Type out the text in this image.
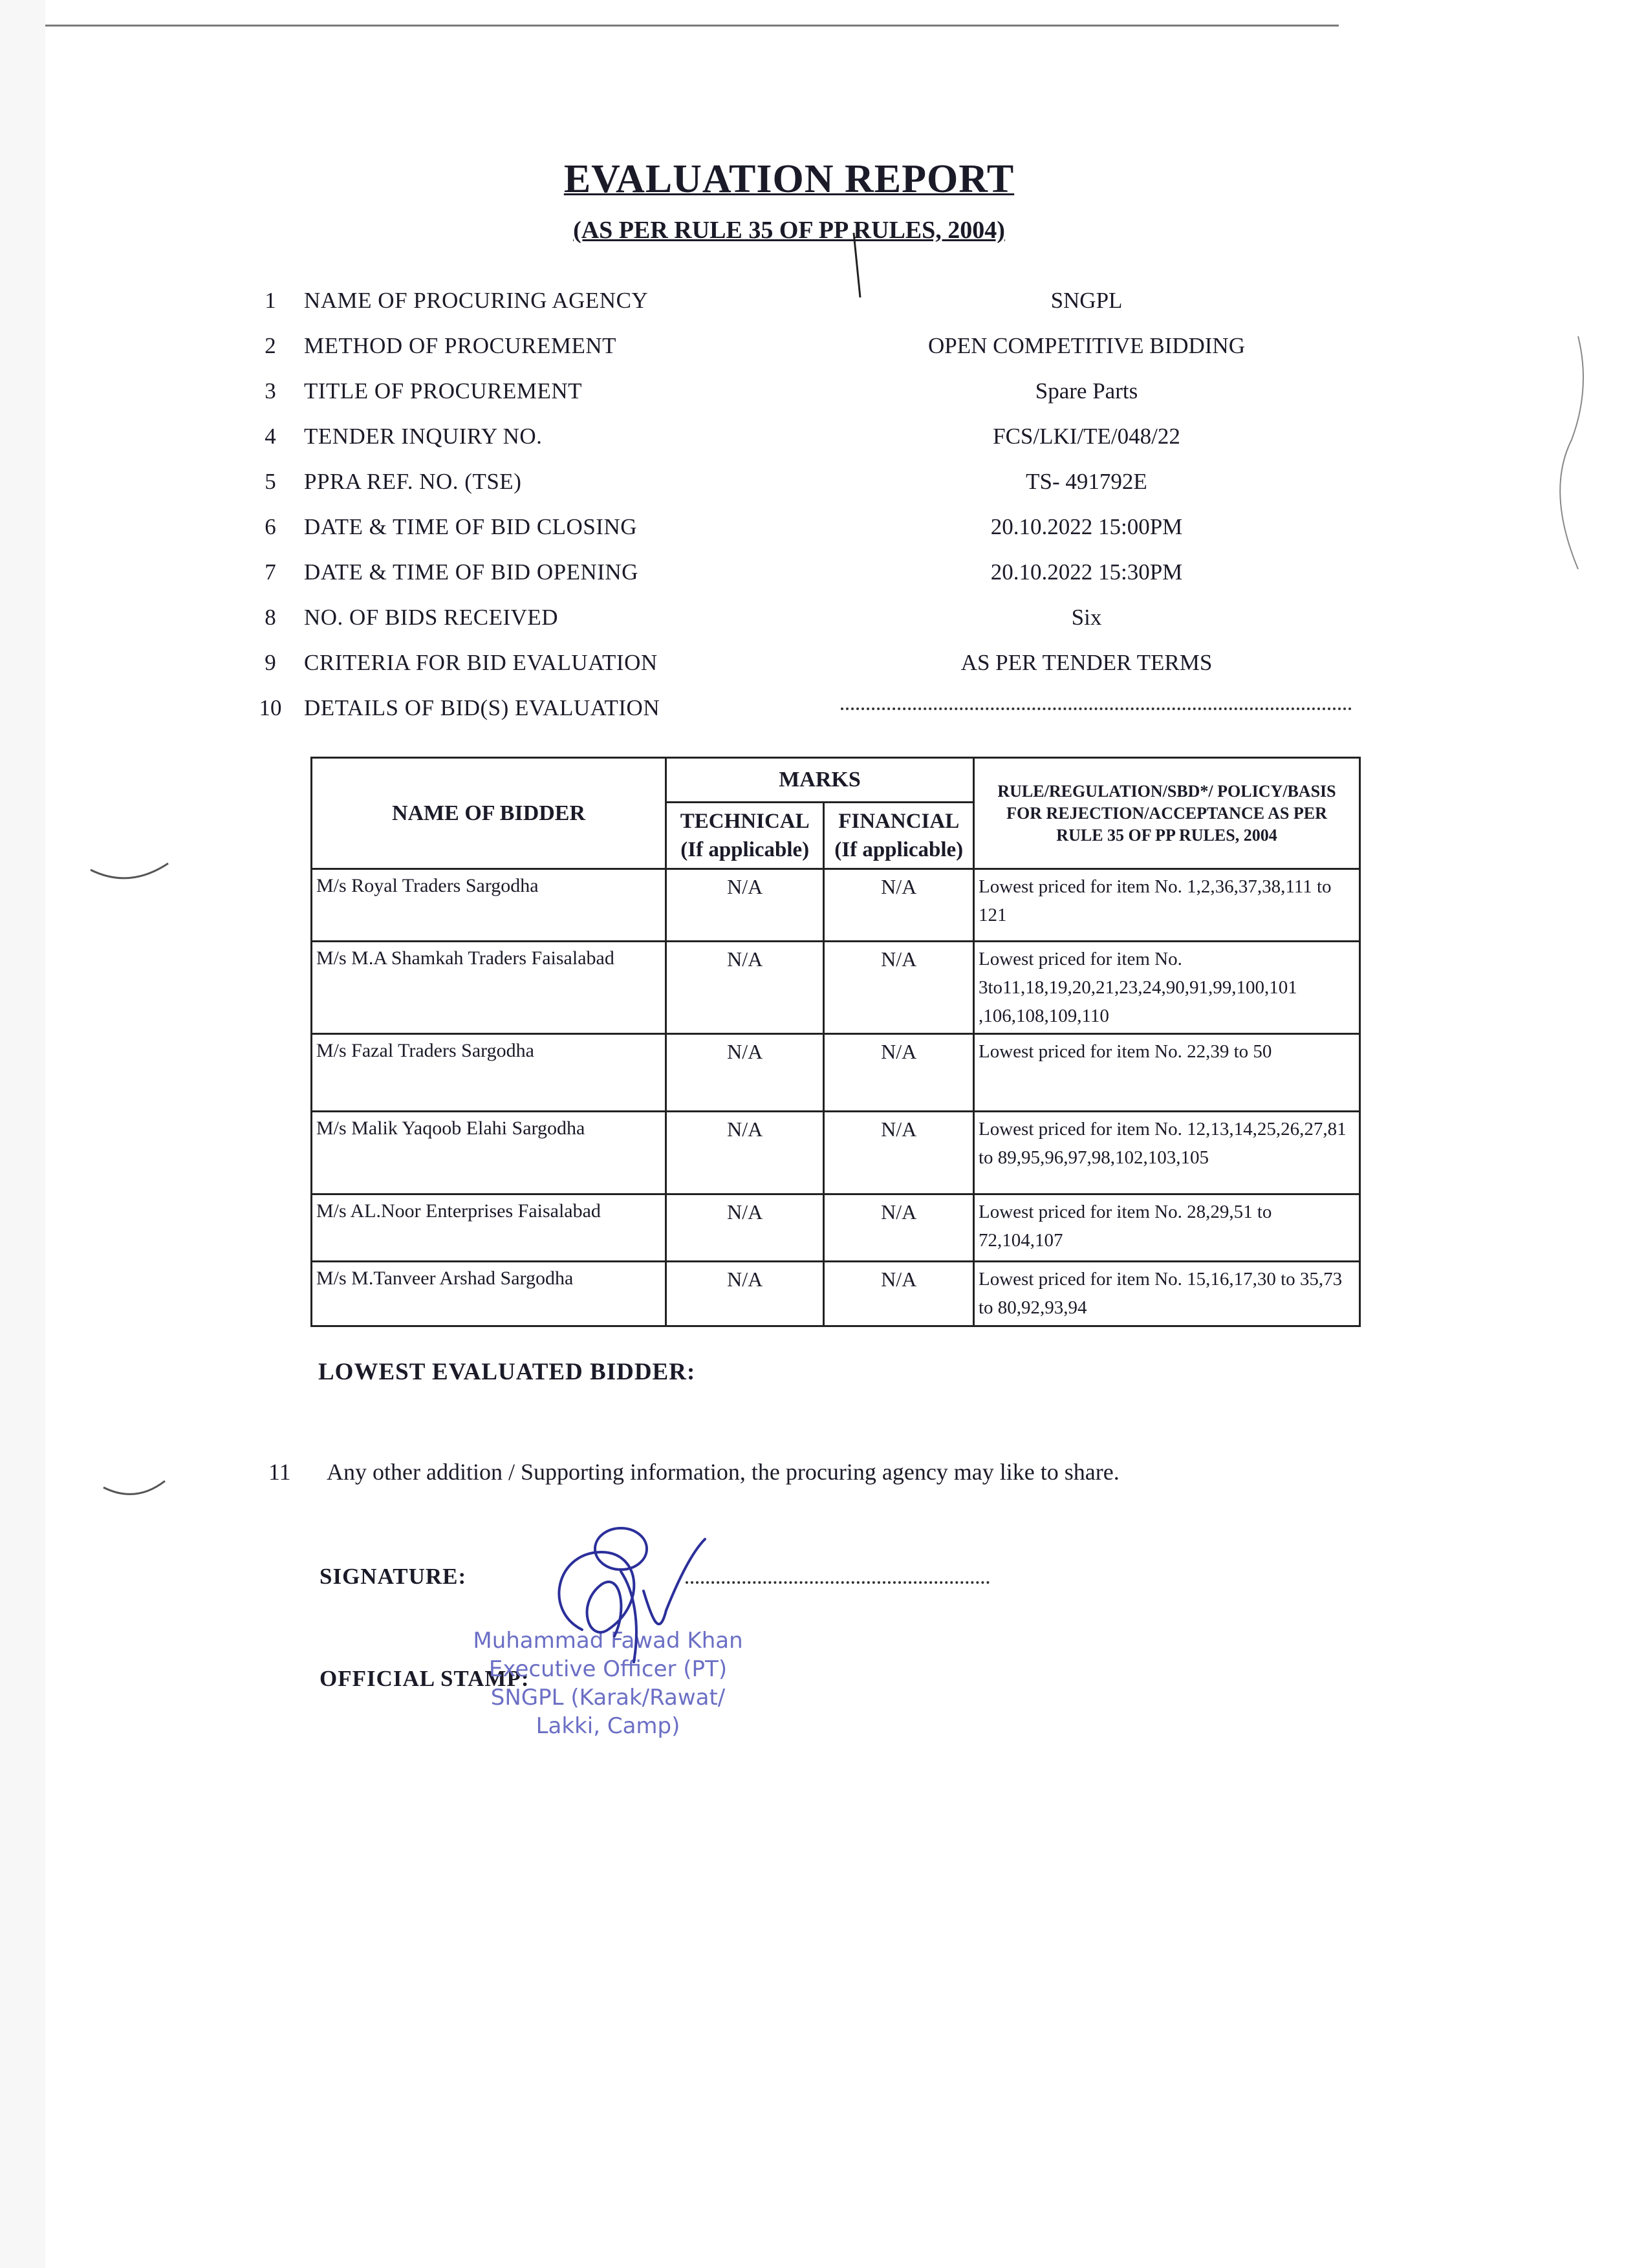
EVALUATION REPORT
(AS PER RULE 35 OF PP RULES, 2004)
1	NAME OF PROCURING AGENCY	SNGPL
2	METHOD OF PROCUREMENT	OPEN COMPETITIVE BIDDING
3	TITLE OF PROCUREMENT	Spare Parts
4	TENDER INQUIRY NO.	FCS/LKI/TE/048/22
5	PPRA REF. NO. (TSE)	TS- 491792E
6	DATE & TIME OF BID CLOSING	20.10.2022 15:00PM
7	DATE & TIME OF BID OPENING	20.10.2022 15:30PM
8	NO. OF BIDS RECEIVED	Six
9	CRITERIA FOR BID EVALUATION	AS PER TENDER TERMS
10 DETAILS OF BID(S) EVALUATION
NAME OF BIDDER	MARKS		RULE/REGULATION/SBD*/ POLICY/BASIS FOR REJECTION/ACCEPTANCE AS PER RULE 35 OF PP RULES, 2004
	TECHNICAL (If applicable)	FINANCIAL (If applicable)	
M/s Royal Traders Sargodha	N/A	N/A	Lowest priced for item No. 1,2,36,37,38,111 to 121
M/s M.A Shamkah Traders Faisalabad	N/A	N/A	Lowest priced for item No. 3to11,18,19,20,21,23,24,90,91,99,100,101 ,106,108,109,110
M/s Fazal Traders Sargodha	N/A	N/A	Lowest priced for item No. 22,39 to 50
M/s Malik Yaqoob Elahi Sargodha	N/A	N/A	Lowest priced for item No. 12,13,14,25,26,27,81 to 89,95,96,97,98,102,103,105
M/s AL.Noor Enterprises Faisalabad	N/A	N/A	Lowest priced for item No. 28,29,51 to 72,104,107
M/s M.Tanveer Arshad Sargodha	N/A	N/A	Lowest priced for item No. 15,16,17,30 to 35,73 to 80,92,93,94
LOWEST EVALUATED BIDDER:
11 Any other addition / Supporting information, the procuring agency may like to share.
SIGNATURE:
OFFICIAL STAMP:
Muhammad Fawad Khan
Executive Officer (PT)
SNGPL (Karak/Rawat/
Lakki, Camp)
